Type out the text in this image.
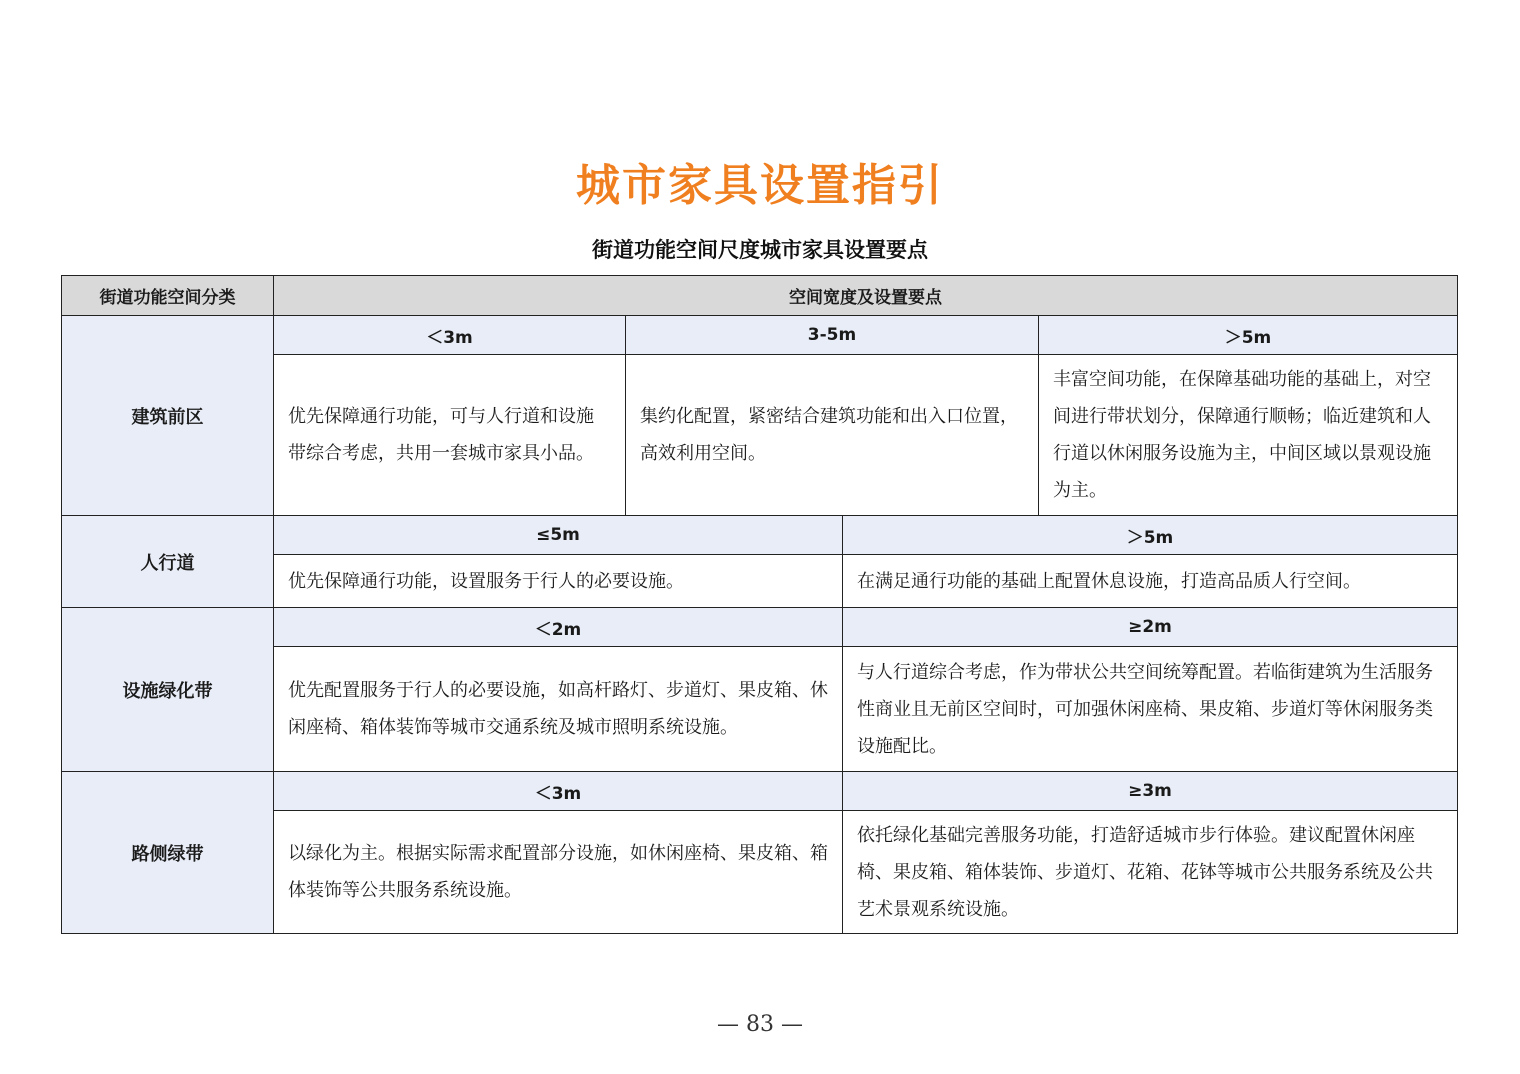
城市家具设置指引
街道功能空间尺度城市家具设置要点
街道功能空间分类	空间宽度及设置要点			
建筑前区	＜3m	3-5m		＞5m
	优先保障通行功能，可与人行道和设施带综合考虑，共用一套城市家具小品。	集约化配置，紧密结合建筑功能和出入口位置，高效利用空间。		丰富空间功能，在保障基础功能的基础上，对空间进行带状划分，保障通行顺畅；临近建筑和人行道以休闲服务设施为主，中间区域以景观设施为主。
人行道	≤5m		＞5m	
	优先保障通行功能，设置服务于行人的必要设施。		在满足通行功能的基础上配置休息设施，打造高品质人行空间。	
设施绿化带	＜2m		≥2m	
	优先配置服务于行人的必要设施，如高杆路灯、步道灯、果皮箱、休闲座椅、箱体装饰等城市交通系统及城市照明系统设施。		与人行道综合考虑，作为带状公共空间统筹配置。若临街建筑为生活服务性商业且无前区空间时，可加强休闲座椅、果皮箱、步道灯等休闲服务类设施配比。	
路侧绿带	＜3m		≥3m	
	以绿化为主。根据实际需求配置部分设施，如休闲座椅、果皮箱、箱体装饰等公共服务系统设施。		依托绿化基础完善服务功能，打造舒适城市步行体验。建议配置休闲座椅、果皮箱、箱体装饰、步道灯、花箱、花钵等城市公共服务系统及公共艺术景观系统设施。	
— 83 —
